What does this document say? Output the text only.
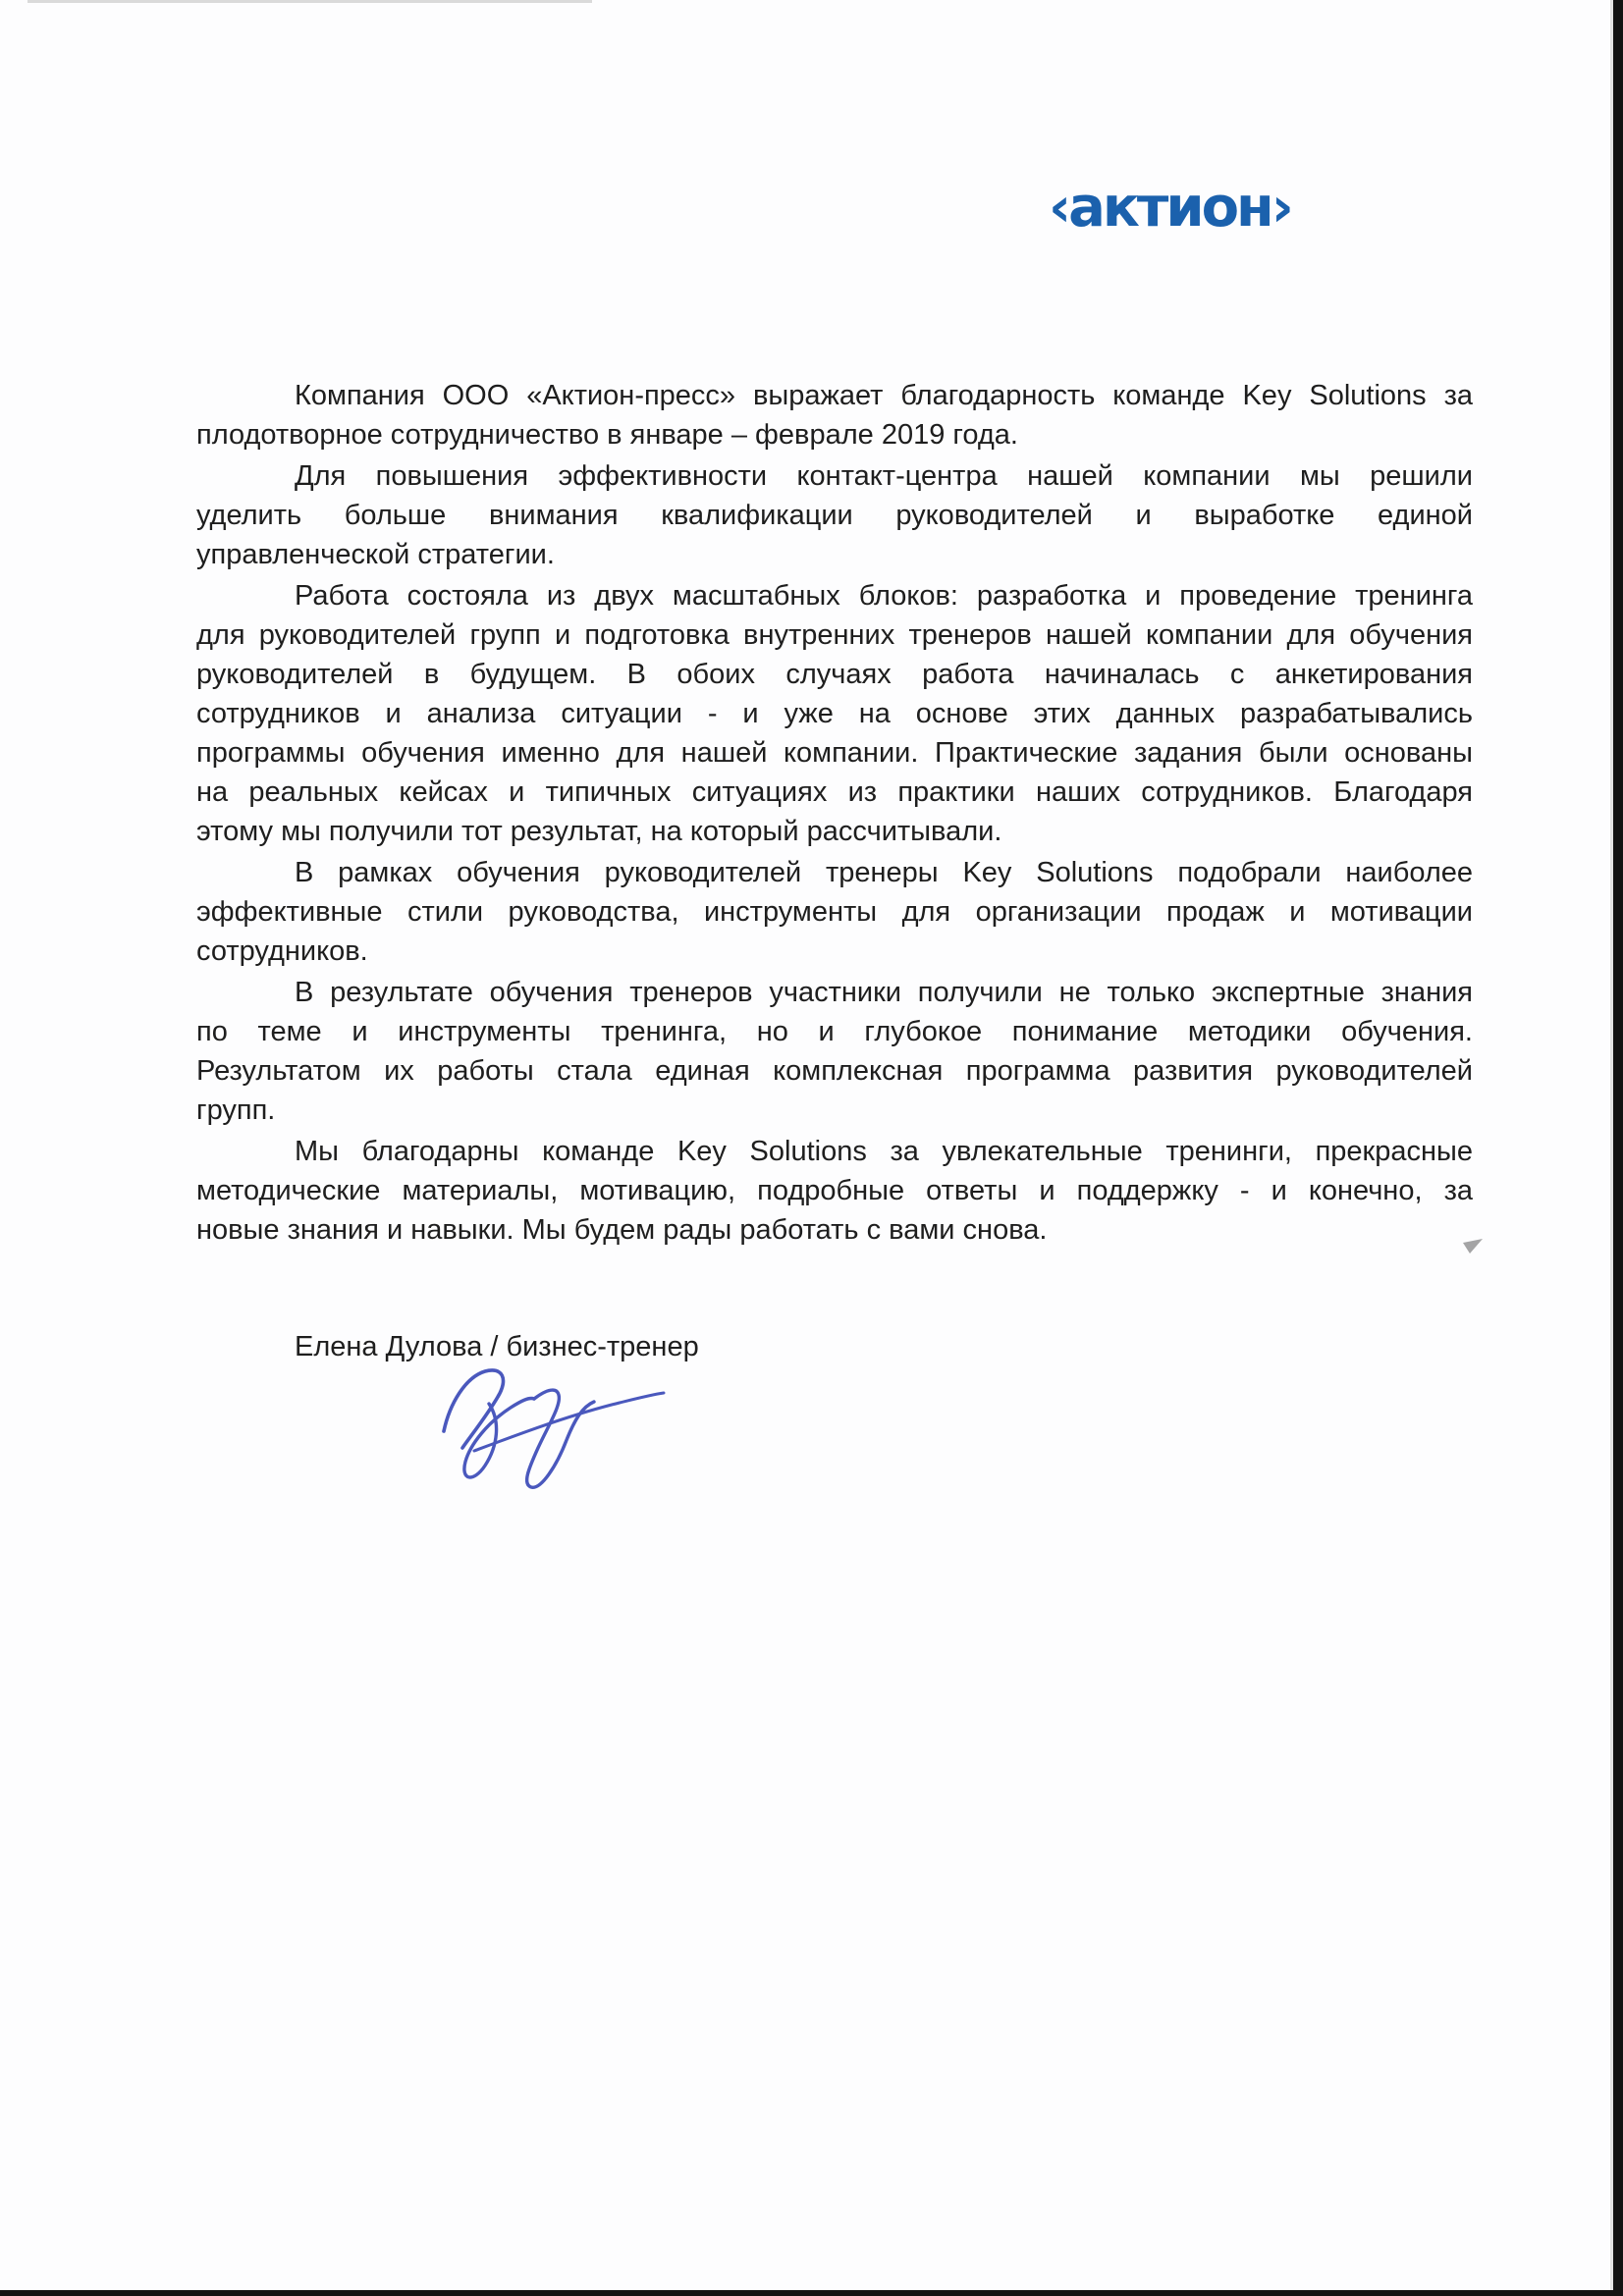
‹актион›
Компания ООО «Актион-пресс» выражает благодарность команде Key Solutions за
плодотворное сотрудничество в январе – феврале 2019 года.
Для повышения эффективности контакт-центра нашей компании мы решили
уделить больше внимания квалификации руководителей и выработке единой
управленческой стратегии.
Работа состояла из двух масштабных блоков: разработка и проведение тренинга
для руководителей групп и подготовка внутренних тренеров нашей компании для обучения
руководителей в будущем. В обоих случаях работа начиналась с анкетирования
сотрудников и анализа ситуации - и уже на основе этих данных разрабатывались
программы обучения именно для нашей компании. Практические задания были основаны
на реальных кейсах и типичных ситуациях из практики наших сотрудников. Благодаря
этому мы получили тот результат, на который рассчитывали.
В рамках обучения руководителей тренеры Key Solutions подобрали наиболее
эффективные стили руководства, инструменты для организации продаж и мотивации
сотрудников.
В результате обучения тренеров участники получили не только экспертные знания
по теме и инструменты тренинга, но и глубокое понимание методики обучения.
Результатом их работы стала единая комплексная программа развития руководителей
групп.
Мы благодарны команде Key Solutions за увлекательные тренинги, прекрасные
методические материалы, мотивацию, подробные ответы и поддержку - и конечно, за
новые знания и навыки. Мы будем рады работать с вами снова.
Елена Дулова / бизнес-тренер
